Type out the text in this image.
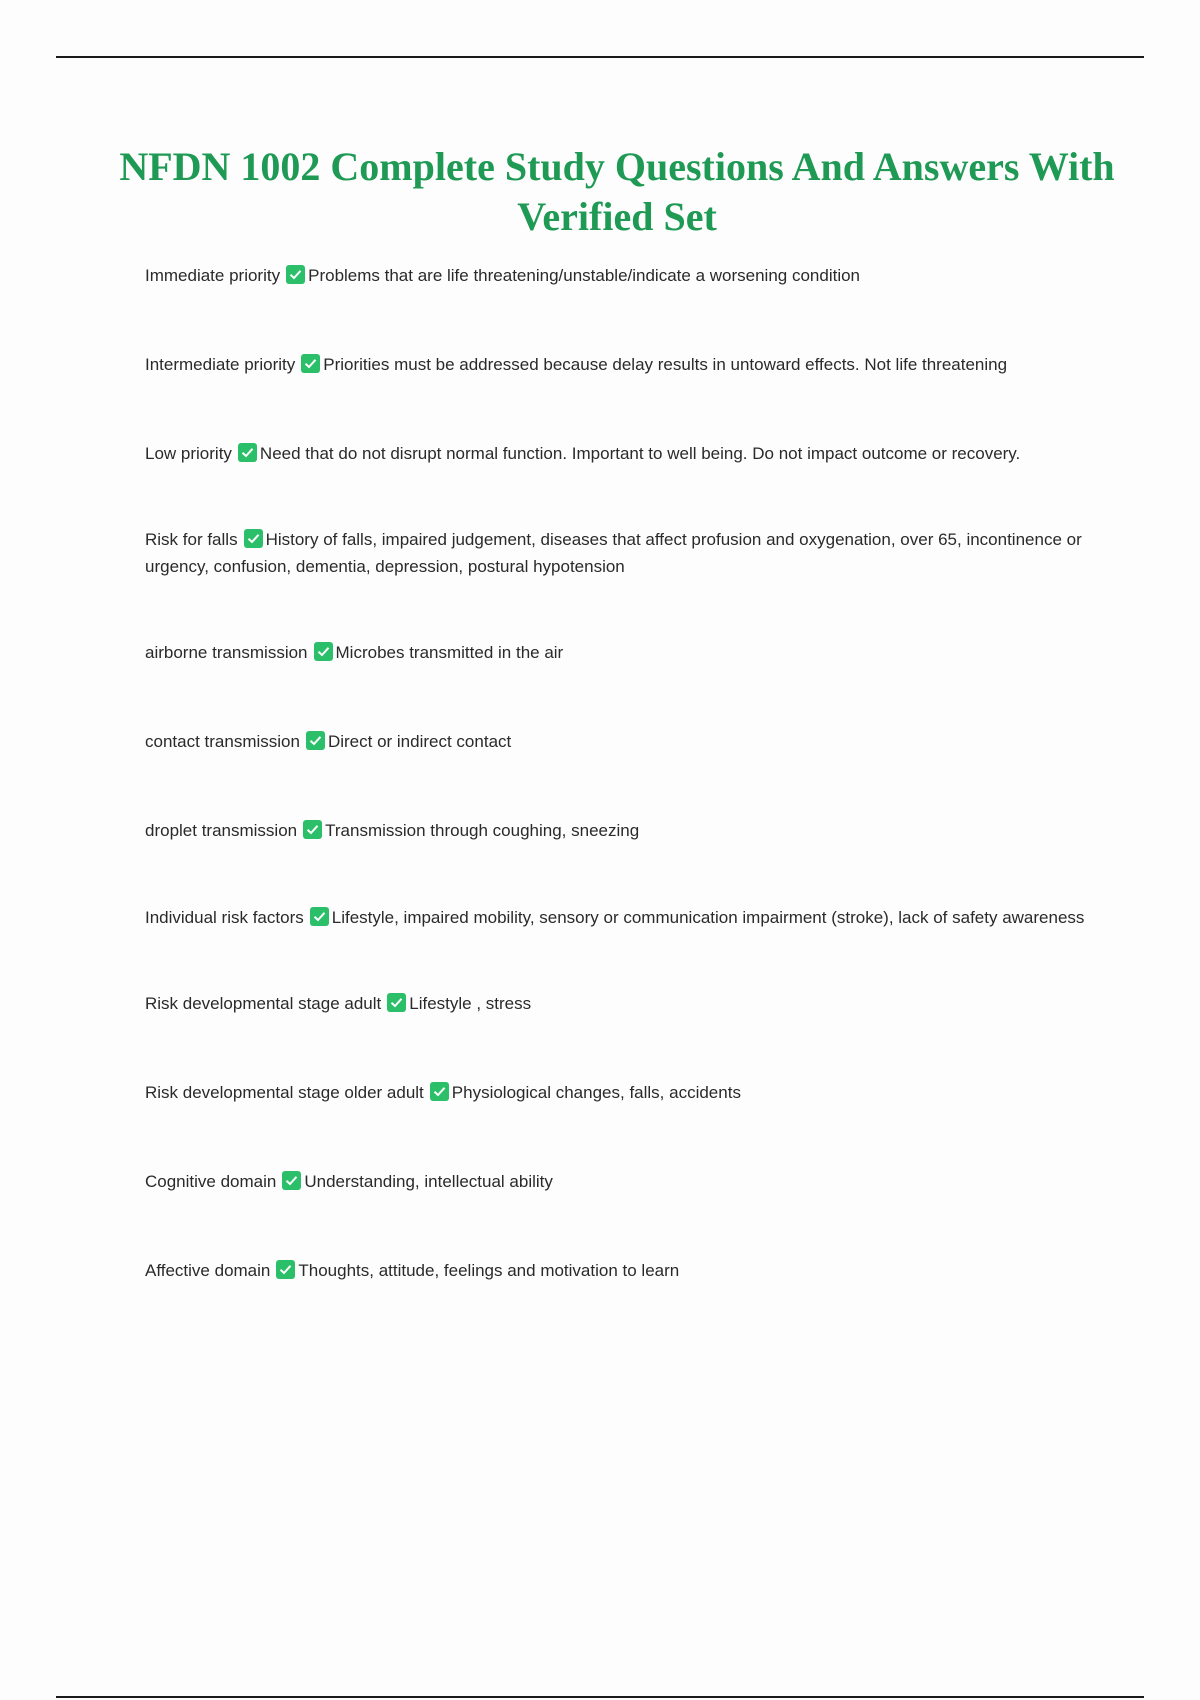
NFDN 1002 Complete Study Questions And Answers With Verified Set

Immediate priority Problems that are life threatening/unstable/indicate a worsening condition

Intermediate priority Priorities must be addressed because delay results in untoward effects. Not life threatening

Low priority Need that do not disrupt normal function. Important to well being. Do not impact outcome or recovery.

Risk for falls History of falls, impaired judgement, diseases that affect profusion and oxygenation, over 65, incontinence or urgency, confusion, dementia, depression, postural hypotension

airborne transmission Microbes transmitted in the air

contact transmission Direct or indirect contact

droplet transmission Transmission through coughing, sneezing

Individual risk factors Lifestyle, impaired mobility, sensory or communication impairment (stroke), lack of safety awareness

Risk developmental stage adult Lifestyle , stress

Risk developmental stage older adult Physiological changes, falls, accidents

Cognitive domain Understanding, intellectual ability

Affective domain Thoughts, attitude, feelings and motivation to learn
